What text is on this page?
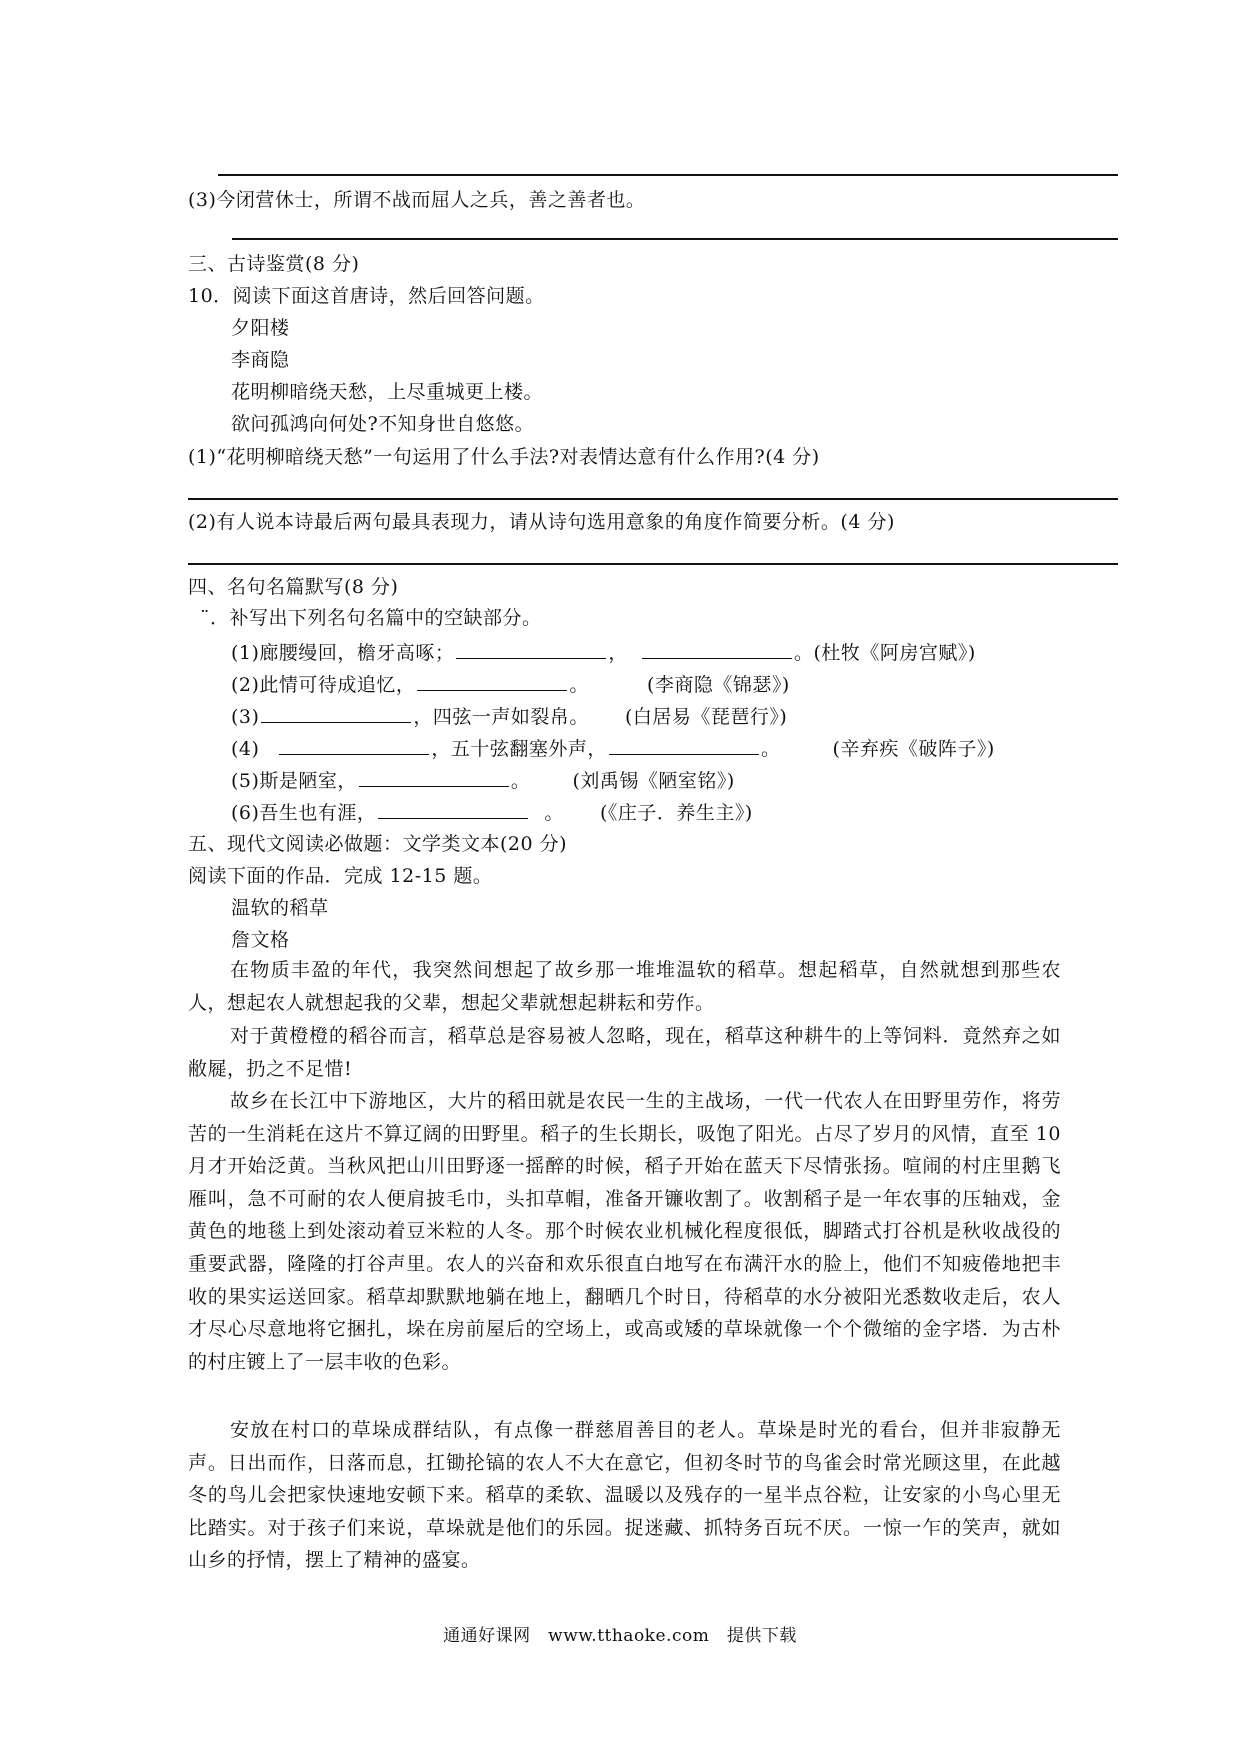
(3)今闭营休士，所谓不战而屈人之兵，善之善者也。
三、古诗鉴赏(8 分)
10．阅读下面这首唐诗，然后回答问题。
夕阳楼
李商隐
花明柳暗绕天愁，上尽重城更上楼。
欲问孤鸿向何处?不知身世自悠悠。
(1)“花明柳暗绕天愁”一句运用了什么手法?对表情达意有什么作用?(4 分)
(2)有人说本诗最后两句最具表现力，请从诗句选用意象的角度作简要分析。(4 分)
四、名句名篇默写(8 分)
¨．补写出下列名句名篇中的空缺部分。
(1)廊腰缦回，檐牙高啄；	，	。(杜牧《阿房宫赋》)
(2)此情可待成追忆，	。	(李商隐《锦瑟》)
(3)	，四弦一声如裂帛。 (白居易《琵琶行》)
(4)	，五十弦翻塞外声，	。	(辛弃疾《破阵子》)
(5)斯是陋室，	。 (刘禹锡《陋室铭》)
(6)吾生也有涯，	。 (《庄子．养生主》)
五、现代文阅读必做题：文学类文本(20 分)
阅读下面的作品．完成 12-15 题。
温软的稻草
詹文格
在物质丰盈的年代，我突然间想起了故乡那一堆堆温软的稻草。想起稻草，自然就想到那些农人，想起农人就想起我的父辈，想起父辈就想起耕耘和劳作。
对于黄橙橙的稻谷而言，稻草总是容易被人忽略，现在，稻草这种耕牛的上等饲料．竟然弃之如敝屣，扔之不足惜!
故乡在长江中下游地区，大片的稻田就是农民一生的主战场，一代一代农人在田野里劳作，将劳苦的一生消耗在这片不算辽阔的田野里。稻子的生长期长，吸饱了阳光。占尽了岁月的风情，直至 10 月才开始泛黄。当秋风把山川田野逐一摇醉的时候，稻子开始在蓝天下尽情张扬。喧闹的村庄里鹅飞雁叫，急不可耐的农人便肩披毛巾，头扣草帽，准备开镰收割了。收割稻子是一年农事的压轴戏，金黄色的地毯上到处滚动着豆米粒的人冬。那个时候农业机械化程度很低，脚踏式打谷机是秋收战役的重要武器，隆隆的打谷声里。农人的兴奋和欢乐很直白地写在布满汗水的脸上，他们不知疲倦地把丰收的果实运送回家。稻草却默默地躺在地上，翻晒几个时日，待稻草的水分被阳光悉数收走后，农人才尽心尽意地将它捆扎，垛在房前屋后的空场上，或高或矮的草垛就像一个个微缩的金字塔．为古朴的村庄镀上了一层丰收的色彩。
安放在村口的草垛成群结队，有点像一群慈眉善目的老人。草垛是时光的看台，但并非寂静无声。日出而作，日落而息，扛锄抡镐的农人不大在意它，但初冬时节的鸟雀会时常光顾这里，在此越冬的鸟儿会把家快速地安顿下来。稻草的柔软、温暖以及残存的一星半点谷粒，让安家的小鸟心里无比踏实。对于孩子们来说，草垛就是他们的乐园。捉迷藏、抓特务百玩不厌。一惊一乍的笑声，就如山乡的抒情，摆上了精神的盛宴。
通通好课网　www.tthaoke.com　提供下载
